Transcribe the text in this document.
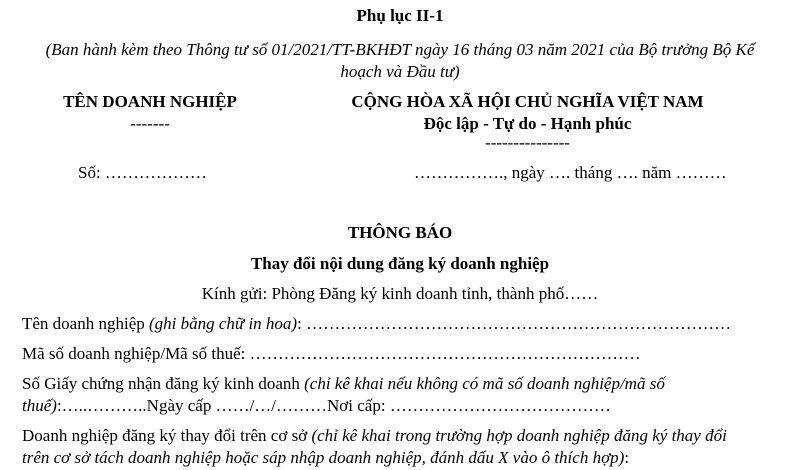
Phụ lục II-1
(Ban hành kèm theo Thông tư số 01/2021/TT-BKHĐT ngày 16 tháng 03 năm 2021 của Bộ trưởng Bộ Kế
hoạch và Đầu tư)
TÊN DOANH NGHIỆP
-------
CỘNG HÒA XÃ HỘI CHỦ NGHĨA VIỆT NAM
Độc lập - Tự do - Hạnh phúc
---------------
Số: ………………	……………., ngày …. tháng …. năm ………
THÔNG BÁO
Thay đổi nội dung đăng ký doanh nghiệp
Kính gửi: Phòng Đăng ký kinh doanh tỉnh, thành phố……
Tên doanh nghiệp (ghi bằng chữ in hoa): …………………………………………………………………
Mã số doanh nghiệp/Mã số thuế: ……………………………………………………………
Số Giấy chứng nhận đăng ký kinh doanh (chỉ kê khai nếu không có mã số doanh nghiệp/mã số
thuế):…..………..Ngày cấp ……/…/………Nơi cấp: …………………………………
Doanh nghiệp đăng ký thay đổi trên cơ sở (chỉ kê khai trong trường hợp doanh nghiệp đăng ký thay đổi
trên cơ sở tách doanh nghiệp hoặc sáp nhập doanh nghiệp, đánh dấu X vào ô thích hợp):
